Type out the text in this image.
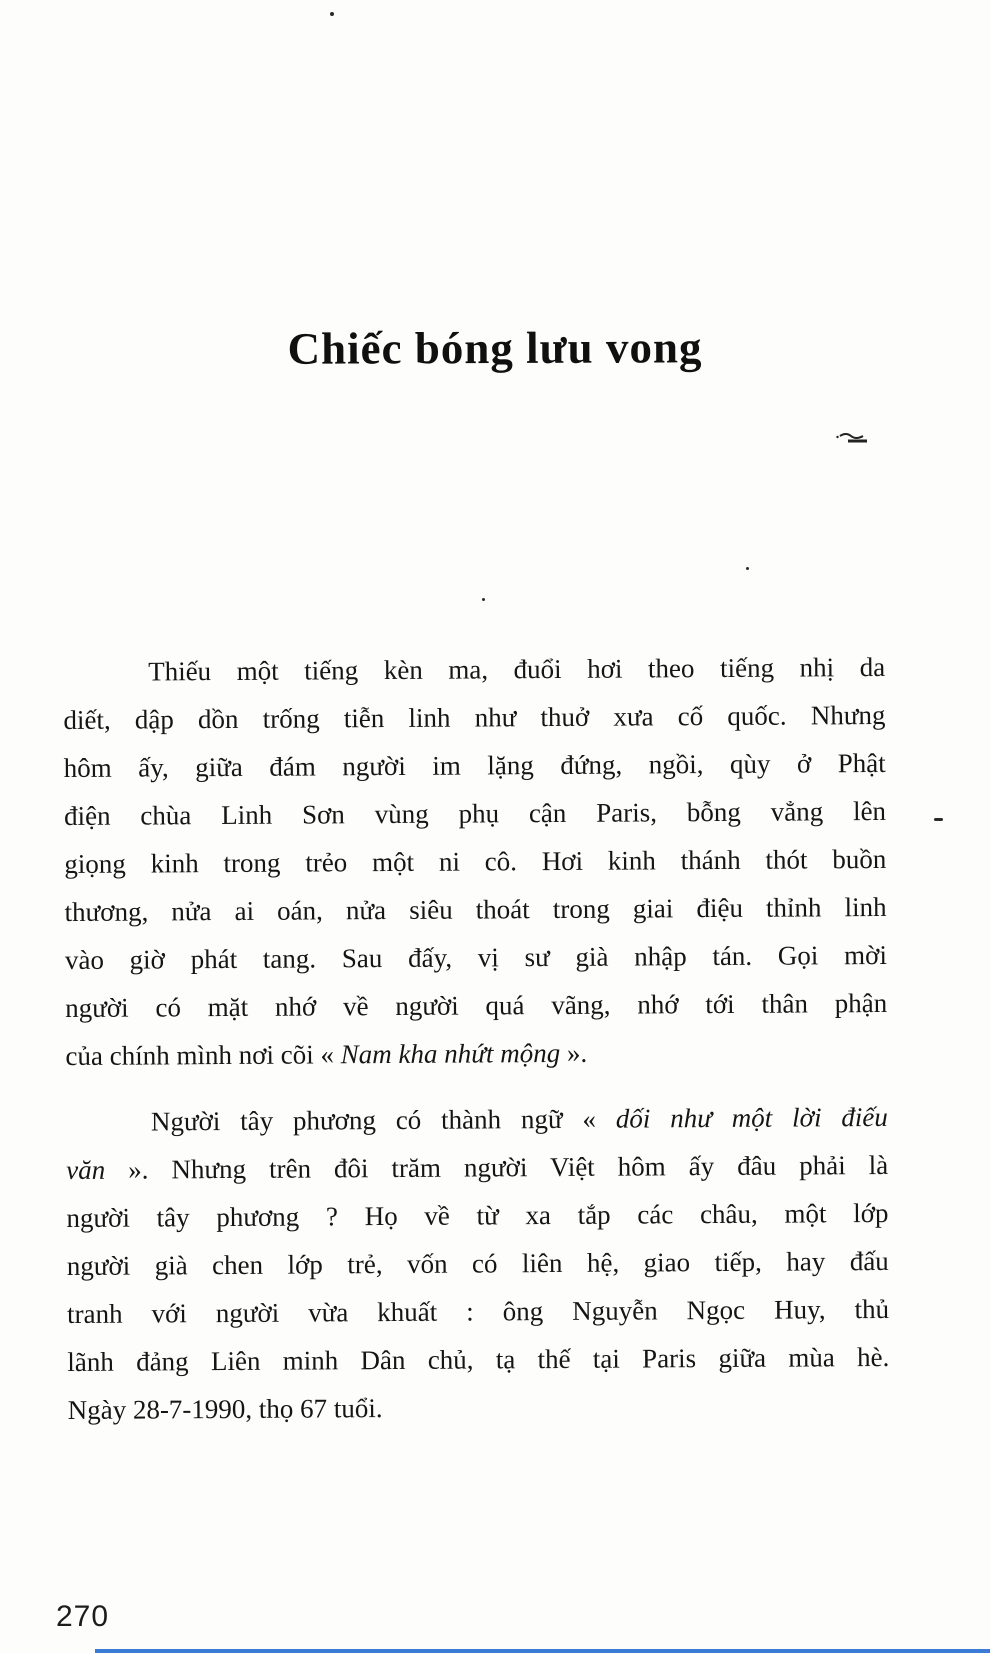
Chiếc bóng lưu vong
Thiếu một tiếng kèn ma, đuổi hơi theo tiếng nhị da
diết, dập dồn trống tiễn linh như thuở xưa cố quốc. Nhưng
hôm ấy, giữa đám người im lặng đứng, ngồi, qùy ở Phật
điện chùa Linh Sơn vùng phụ cận Paris, bỗng vẳng lên
giọng kinh trong trẻo một ni cô. Hơi kinh thánh thót buồn
thương, nửa ai oán, nửa siêu thoát trong giai điệu thỉnh linh
vào giờ phát tang. Sau đấy, vị sư già nhập tán. Gọi mời
người có mặt nhớ về người quá vãng, nhớ tới thân phận
của chính mình nơi cõi « Nam kha nhứt mộng ».
Người tây phương có thành ngữ « dối như một lời điếu
văn ». Nhưng trên đôi trăm người Việt hôm ấy đâu phải là
người tây phương ? Họ về từ xa tắp các châu, một lớp
người già chen lớp trẻ, vốn có liên hệ, giao tiếp, hay đấu
tranh với người vừa khuất : ông Nguyễn Ngọc Huy, thủ
lãnh đảng Liên minh Dân chủ, tạ thế tại Paris giữa mùa hè.
Ngày 28-7-1990, thọ 67 tuổi.
270
